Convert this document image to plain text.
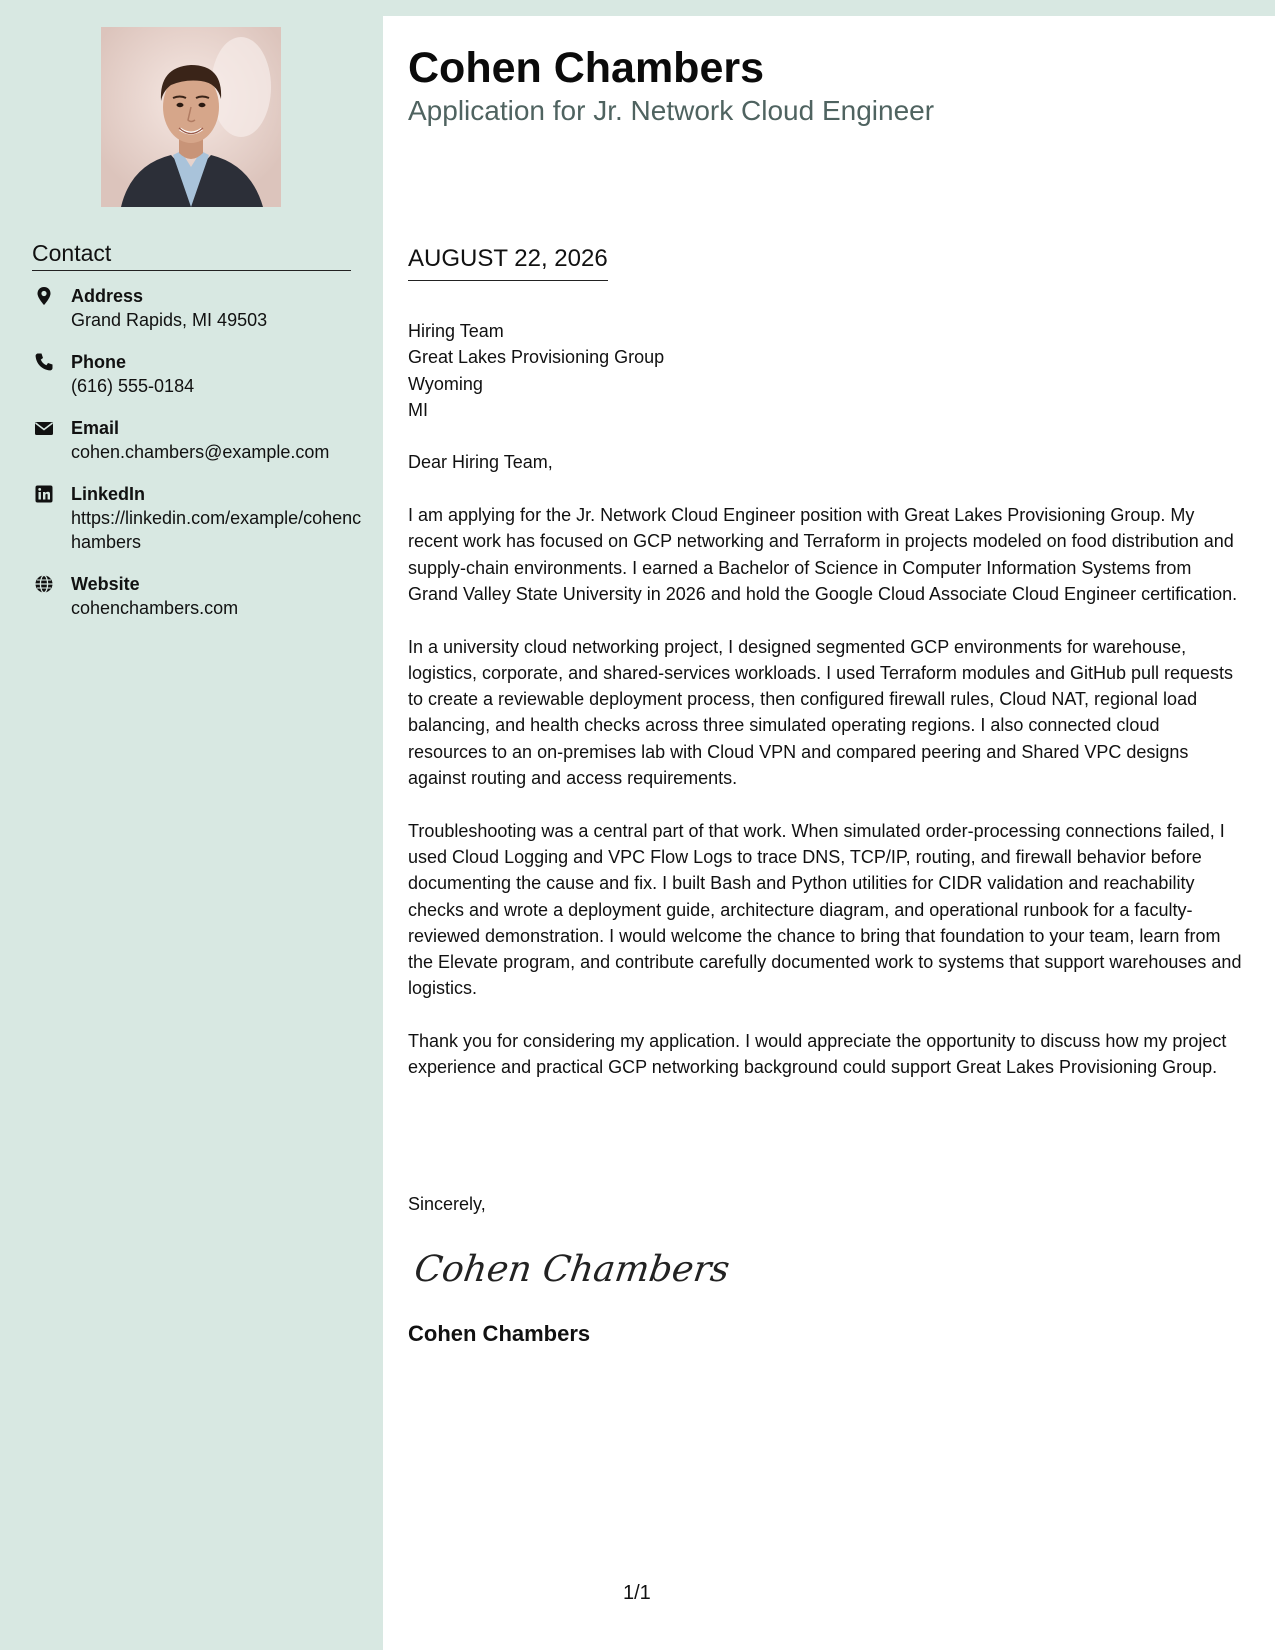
Contact
Address
Grand Rapids, MI 49503
Phone
(616) 555-0184
Email
cohen.chambers@example.com
LinkedIn
https://linkedin.com/example/cohenchambers
Website
cohenchambers.com
Cohen Chambers
Application for Jr. Network Cloud Engineer
AUGUST 22, 2026
Hiring Team
Great Lakes Provisioning Group
Wyoming
MI

Dear Hiring Team,

I am applying for the Jr. Network Cloud Engineer position with Great Lakes Provisioning Group. My recent work has focused on GCP networking and Terraform in projects modeled on food distribution and supply-chain environments. I earned a Bachelor of Science in Computer Information Systems from Grand Valley State University in 2026 and hold the Google Cloud Associate Cloud Engineer certification.

In a university cloud networking project, I designed segmented GCP environments for warehouse, logistics, corporate, and shared-services workloads. I used Terraform modules and GitHub pull requests to create a reviewable deployment process, then configured firewall rules, Cloud NAT, regional load balancing, and health checks across three simulated operating regions. I also connected cloud resources to an on-premises lab with Cloud VPN and compared peering and Shared VPC designs against routing and access requirements.

Troubleshooting was a central part of that work. When simulated order-processing connections failed, I used Cloud Logging and VPC Flow Logs to trace DNS, TCP/IP, routing, and firewall behavior before documenting the cause and fix. I built Bash and Python utilities for CIDR validation and reachability checks and wrote a deployment guide, architecture diagram, and operational runbook for a faculty-reviewed demonstration. I would welcome the chance to bring that foundation to your team, learn from the Elevate program, and contribute carefully documented work to systems that support warehouses and logistics.

Thank you for considering my application. I would appreciate the opportunity to discuss how my project experience and practical GCP networking background could support Great Lakes Provisioning Group.

Sincerely,
Cohen Chambers
Cohen Chambers
1/1
